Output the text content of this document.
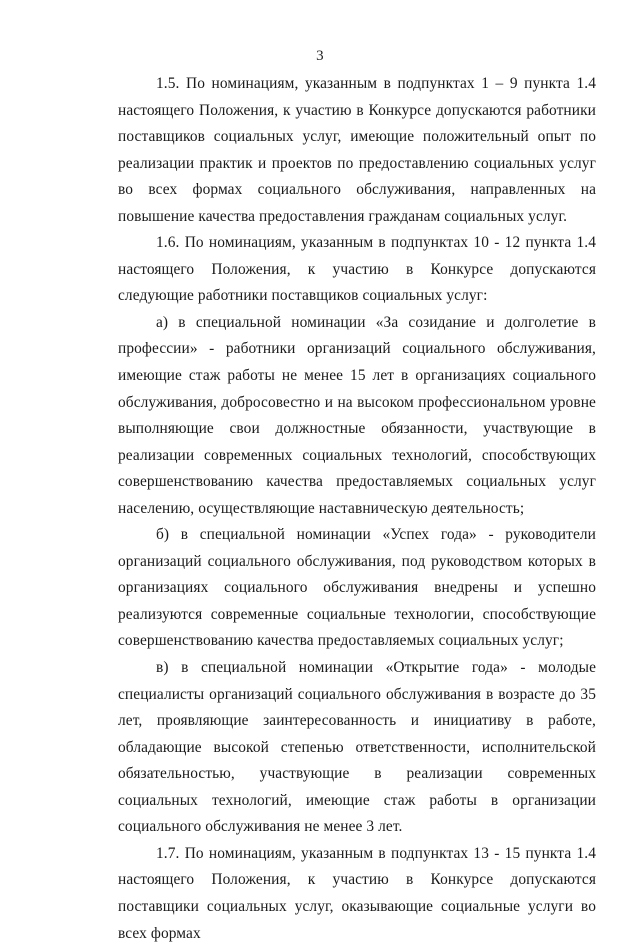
3

1.5. По номинациям, указанным в подпунктах 1 – 9 пункта 1.4 настоящего Положения, к участию в Конкурсе допускаются работники поставщиков социальных услуг, имеющие положительный опыт по реализации практик и проектов по предоставлению социальных услуг во всех формах социального обслуживания, направленных на повышение качества предоставления гражданам социальных услуг.

1.6. По номинациям, указанным в подпунктах 10 - 12 пункта 1.4 настоящего Положения, к участию в Конкурсе допускаются следующие работники поставщиков социальных услуг:

а) в специальной номинации «За созидание и долголетие в профессии» - работники организаций социального обслуживания, имеющие стаж работы не менее 15 лет в организациях социального обслуживания, добросовестно и на высоком профессиональном уровне выполняющие свои должностные обязанности, участвующие в реализации современных социальных технологий, способствующих совершенствованию качества предоставляемых социальных услуг населению, осуществляющие наставническую деятельность;

б) в специальной номинации «Успех года» - руководители организаций социального обслуживания, под руководством которых в организациях социального обслуживания внедрены и успешно реализуются современные социальные технологии, способствующие совершенствованию качества предоставляемых социальных услуг;

в) в специальной номинации «Открытие года» - молодые специалисты организаций социального обслуживания в возрасте до 35 лет, проявляющие заинтересованность и инициативу в работе, обладающие высокой степенью ответственности, исполнительской обязательностью, участвующие в реализации современных социальных технологий, имеющие стаж работы в организации социального обслуживания не менее 3 лет.

1.7. По номинациям, указанным в подпунктах 13 - 15 пункта 1.4 настоящего Положения, к участию в Конкурсе допускаются поставщики социальных услуг, оказывающие социальные услуги во всех формах
